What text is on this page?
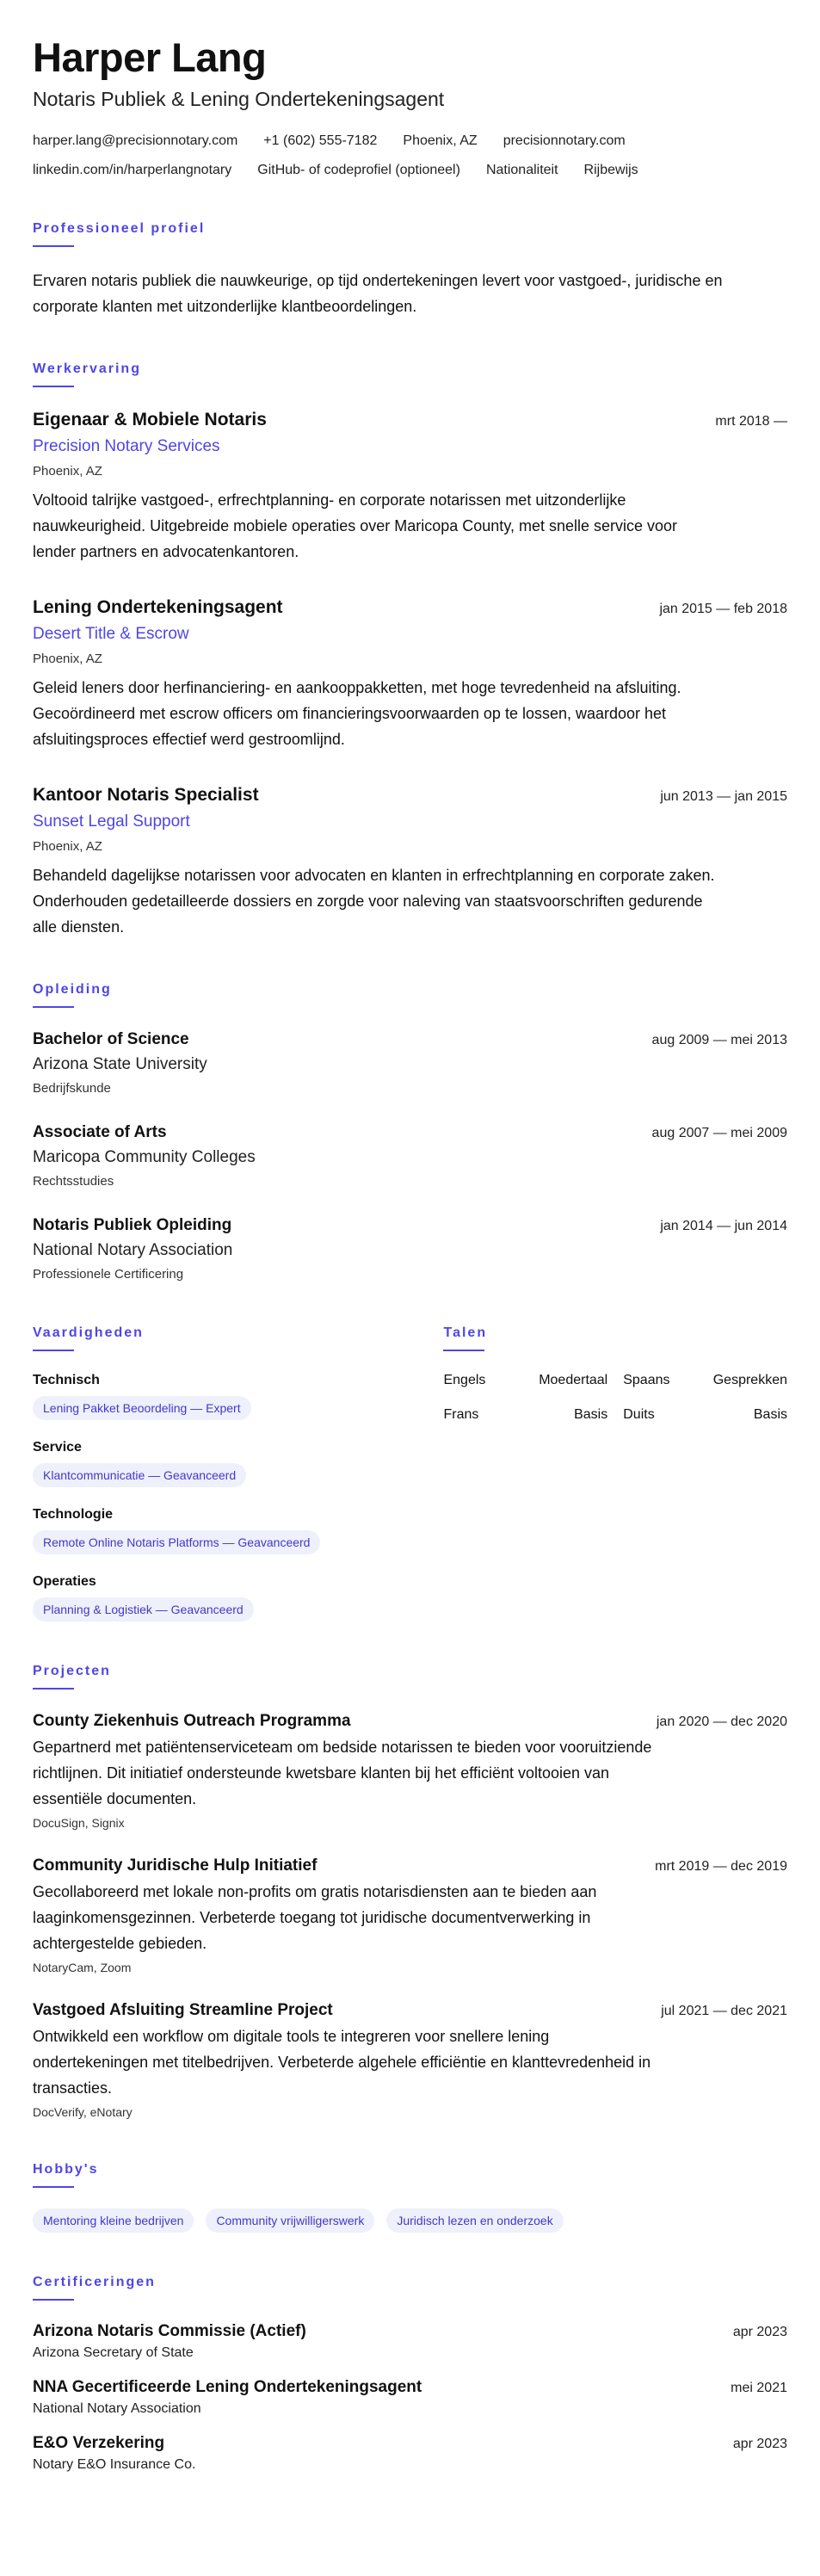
Harper Lang
Notaris Publiek & Lening Ondertekeningsagent
harper.lang@precisionnotary.com +1 (602) 555-7182 Phoenix, AZ precisionnotary.com
linkedin.com/in/harperlangnotary GitHub- of codeprofiel (optioneel) Nationaliteit Rijbewijs
Professioneel profiel
Ervaren notaris publiek die nauwkeurige, op tijd ondertekeningen levert voor vastgoed-, juridische en corporate klanten met uitzonderlijke klantbeoordelingen.
Werkervaring
Eigenaar & Mobiele Notaris	mrt 2018 —
Precision Notary Services
Phoenix, AZ
Voltooid talrijke vastgoed-, erfrechtplanning- en corporate notarissen met uitzonderlijke nauwkeurigheid. Uitgebreide mobiele operaties over Maricopa County, met snelle service voor lender partners en advocatenkantoren.
Lening Ondertekeningsagent	jan 2015 — feb 2018
Desert Title & Escrow
Phoenix, AZ
Geleid leners door herfinanciering- en aankooppakketten, met hoge tevredenheid na afsluiting. Gecoördineerd met escrow officers om financieringsvoorwaarden op te lossen, waardoor het afsluitingsproces effectief werd gestroomlijnd.
Kantoor Notaris Specialist	jun 2013 — jan 2015
Sunset Legal Support
Phoenix, AZ
Behandeld dagelijkse notarissen voor advocaten en klanten in erfrechtplanning en corporate zaken. Onderhouden gedetailleerde dossiers en zorgde voor naleving van staatsvoorschriften gedurende alle diensten.
Opleiding
Bachelor of Science	aug 2009 — mei 2013
Arizona State University
Bedrijfskunde
Associate of Arts	aug 2007 — mei 2009
Maricopa Community Colleges
Rechtsstudies
Notaris Publiek Opleiding	jan 2014 — jun 2014
National Notary Association
Professionele Certificering
Vaardigheden
Technisch
Lening Pakket Beoordeling — Expert
Service
Klantcommunicatie — Geavanceerd
Technologie
Remote Online Notaris Platforms — Geavanceerd
Operaties
Planning & Logistiek — Geavanceerd
Talen
Engels	Moedertaal Spaans	Gesprekken
Frans	Basis Duits	Basis
Projecten
County Ziekenhuis Outreach Programma	jan 2020 — dec 2020
Gepartnerd met patiëntenserviceteam om bedside notarissen te bieden voor vooruitziende richtlijnen. Dit initiatief ondersteunde kwetsbare klanten bij het efficiënt voltooien van essentiële documenten.
DocuSign, Signix
Community Juridische Hulp Initiatief	mrt 2019 — dec 2019
Gecollaboreerd met lokale non-profits om gratis notarisdiensten aan te bieden aan laaginkomensgezinnen. Verbeterde toegang tot juridische documentverwerking in achtergestelde gebieden.
NotaryCam, Zoom
Vastgoed Afsluiting Streamline Project	jul 2021 — dec 2021
Ontwikkeld een workflow om digitale tools te integreren voor snellere lening ondertekeningen met titelbedrijven. Verbeterde algehele efficiëntie en klanttevredenheid in transacties.
DocVerify, eNotary
Hobby's
Mentoring kleine bedrijven	Community vrijwilligerswerk	Juridisch lezen en onderzoek
Certificeringen
Arizona Notaris Commissie (Actief)	apr 2023
Arizona Secretary of State
NNA Gecertificeerde Lening Ondertekeningsagent	mei 2021
National Notary Association
E&O Verzekering	apr 2023
Notary E&O Insurance Co.
